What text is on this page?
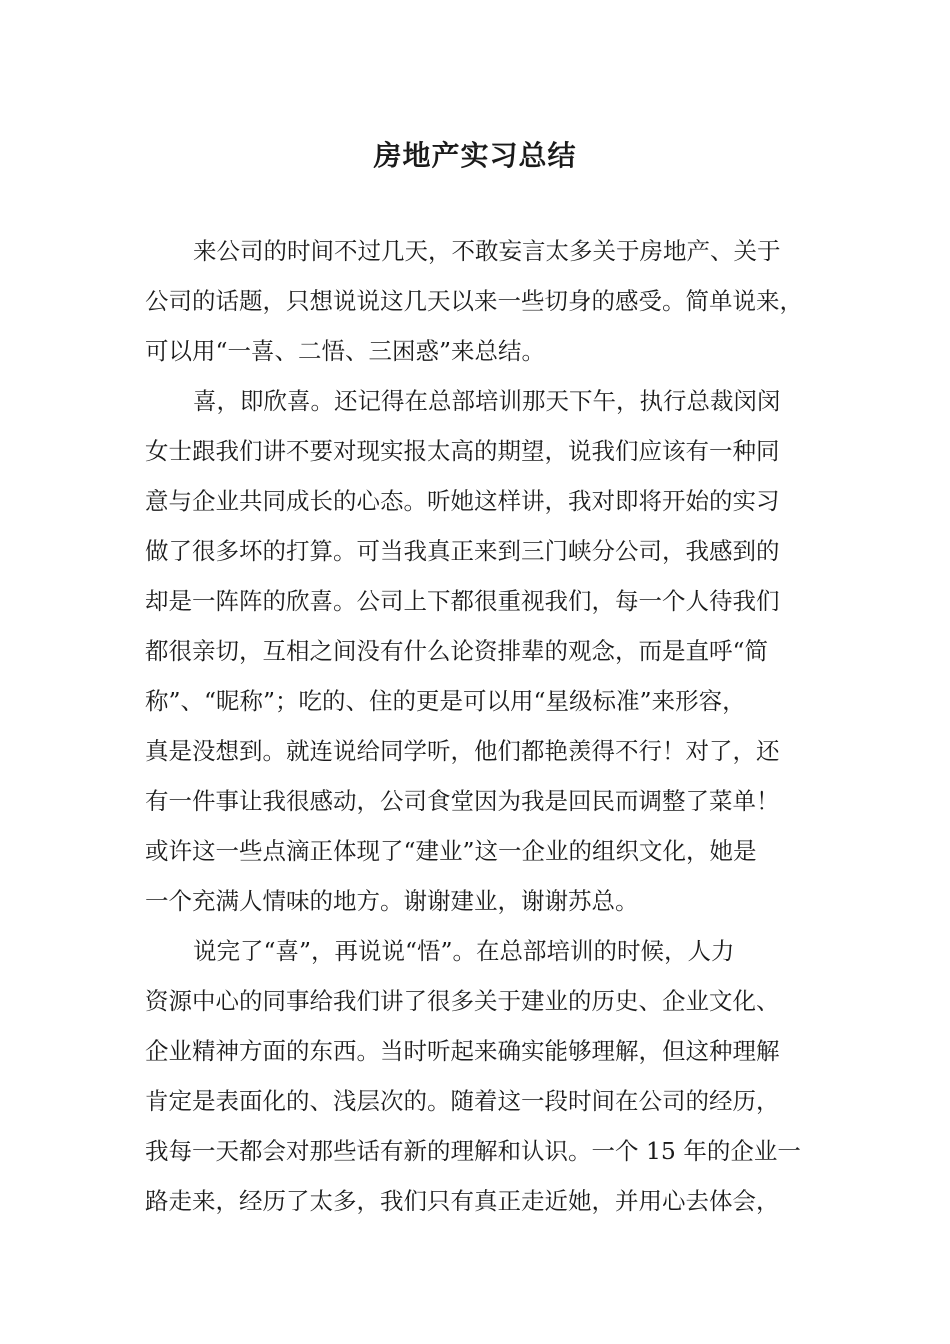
房地产实习总结
来公司的时间不过几天，不敢妄言太多关于房地产、关于
公司的话题，只想说说这几天以来一些切身的感受。简单说来，
可以用“一喜、二悟、三困惑”来总结。
喜，即欣喜。还记得在总部培训那天下午，执行总裁闵闵
女士跟我们讲不要对现实报太高的期望，说我们应该有一种同
意与企业共同成长的心态。听她这样讲，我对即将开始的实习
做了很多坏的打算。可当我真正来到三门峡分公司，我感到的
却是一阵阵的欣喜。公司上下都很重视我们，每一个人待我们
都很亲切，互相之间没有什么论资排辈的观念，而是直呼“简
称”、“昵称”；吃的、住的更是可以用“星级标准”来形容，
真是没想到。就连说给同学听，他们都艳羡得不行！对了，还
有一件事让我很感动，公司食堂因为我是回民而调整了菜单！
或许这一些点滴正体现了“建业”这一企业的组织文化，她是
一个充满人情味的地方。谢谢建业，谢谢苏总。
说完了“喜”，再说说“悟”。在总部培训的时候，人力
资源中心的同事给我们讲了很多关于建业的历史、企业文化、
企业精神方面的东西。当时听起来确实能够理解，但这种理解
肯定是表面化的、浅层次的。随着这一段时间在公司的经历，
我每一天都会对那些话有新的理解和认识。一个 15 年的企业一
路走来，经历了太多，我们只有真正走近她，并用心去体会，
